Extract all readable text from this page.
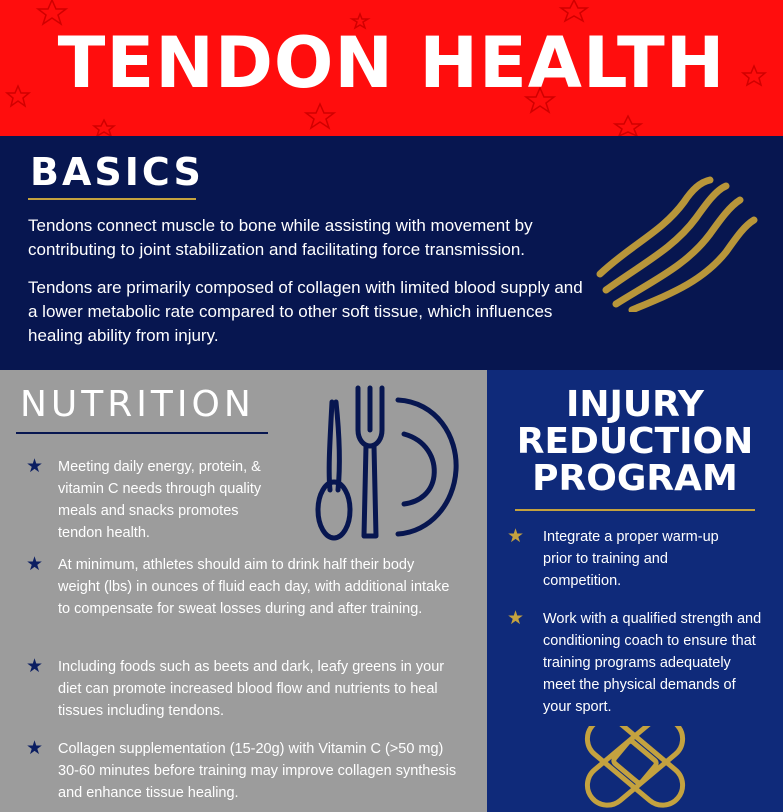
TENDON HEALTH
BASICS

Tendons connect muscle to bone while assisting with movement by contributing to joint stabilization and facilitating force transmission.

Tendons are primarily composed of collagen with limited blood supply and a lower metabolic rate compared to other soft tissue, which influences healing ability from injury.

NUTRITION
★ Meeting daily energy, protein, & vitamin C needs through quality meals and snacks promotes tendon health.
★ At minimum, athletes should aim to drink half their body weight (lbs) in ounces of fluid each day, with additional intake to compensate for sweat losses during and after training.
★ Including foods such as beets and dark, leafy greens in your diet can promote increased blood flow and nutrients to heal tissues including tendons.
★ Collagen supplementation (15-20g) with Vitamin C (>50 mg) 30-60 minutes before training may improve collagen synthesis and enhance tissue healing.
INJURY
REDUCTION
PROGRAM
★ Integrate a proper warm-up prior to training and competition.
★ Work with a qualified strength and conditioning coach to ensure that training programs adequately meet the physical demands of your sport.
